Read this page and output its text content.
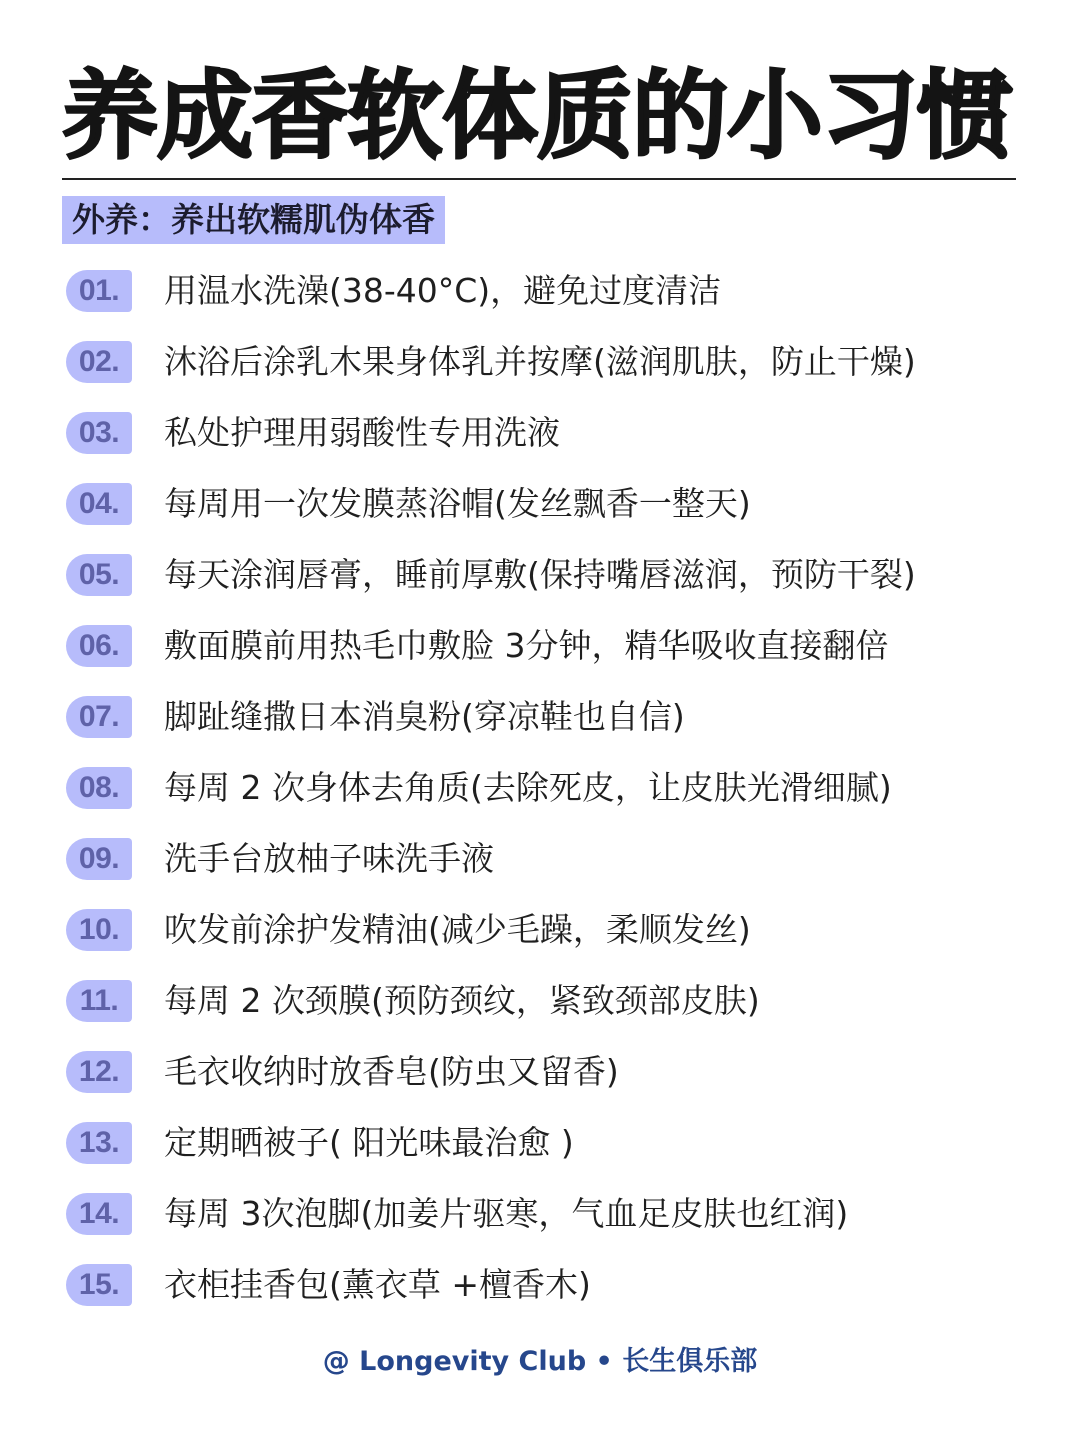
养成香软体质的小习惯
外养：养出软糯肌伪体香
01.	用温水洗澡(38-40°C)，避免过度清洁
02.	沐浴后涂乳木果身体乳并按摩(滋润肌肤，防止干燥)
03.	私处护理用弱酸性专用洗液
04.	每周用一次发膜蒸浴帽(发丝飘香一整天)
05.	每天涂润唇膏，睡前厚敷(保持嘴唇滋润，预防干裂)
06.	敷面膜前用热毛巾敷脸 3分钟，精华吸收直接翻倍
07.	脚趾缝撒日本消臭粉(穿凉鞋也自信)
08.	每周 2 次身体去角质(去除死皮，让皮肤光滑细腻)
09.	洗手台放柚子味洗手液
10.	吹发前涂护发精油(减少毛躁，柔顺发丝)
11.	每周 2 次颈膜(预防颈纹，紧致颈部皮肤)
12.	毛衣收纳时放香皂(防虫又留香)
13.	定期晒被子( 阳光味最治愈 )
14.	每周 3次泡脚(加姜片驱寒，气血足皮肤也红润)
15.	衣柜挂香包(薰衣草 +檀香木)
@ Longevity Club • 长生俱乐部
